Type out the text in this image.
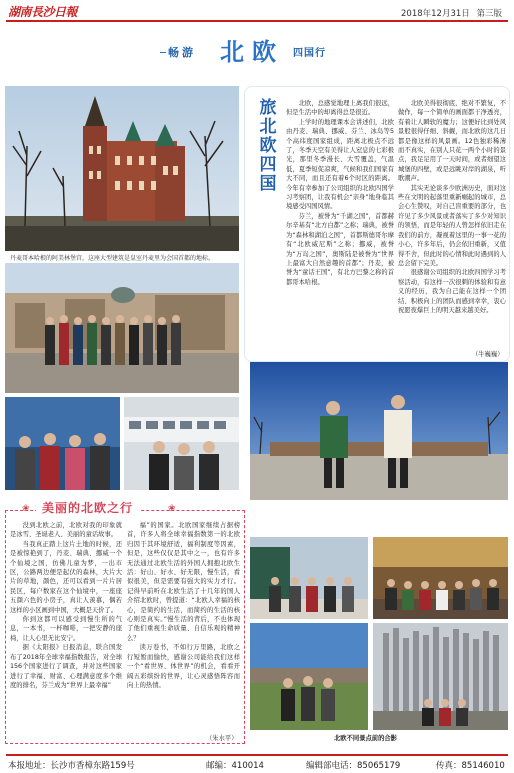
湖南長沙日報	2018年12月31日 第三版
畅游 北欧 四国行
丹麦哥本哈根的阿美林堡宫，这座大型建筑是皇室丹麦里为会国首都的地标。
旅
北
欧
四
国

北欧，总感觉地理上离我们很远，但是生活中的却离得总是很近。

上学时的地理课本会讲述们，北欧由丹麦、瑞典、挪威、芬兰、冰岛等5个高纬度国家组成，距离北极点不远了，冬季天空有美得让人窒息的七彩极光，那里冬季漫长、大雪覆盖，气温低，夏季短促凉爽，气候和我们国家有大不同，而且还有着6个时区的距离。今年有幸参加了公司组织的北欧四国学习考察团，让我有机会“亲身”地身临其境感受四国风情。

芬兰，被誉为“千湖之国”，首都赫尔辛基有“北方白都”之称；瑞典，被誉为“森林和湖泊之国”，首都斯德哥尔摩有“北欧威尼斯”之称；挪威，被誉为“万岛之国”，奥斯陆是被誉为“世界上最富大自然意趣的首都”；丹麦，被誉为“童话王国”，有北方巴黎之称的首都哥本哈根。

北欧美得很彻底，绝对不繁复，不做作，每一个简单的画面都干净透亮，有着让人瞬软的魔力；这便好比到处风景般很得仔细、斜觑，而北欧的这几日都是像这样的风景画。12色独彩稀薄而不真实，在别人只花一两个小时的景点，我足足用了一天时间，或者细望这城堡的四壁，或是远眺对岸的湖泉，听歌潮声。

其实无论谈多少欧洲历史，面对这些在文明的起落里重新崛起的城市，总会心生赞叹，对自己盲重要的部分，也许见了多少风景或者落实了多少对知识的领悟，而是年轻的人曾怎样依旧走在我们的前方，凝视着这里的一事一花的小心，许多年后，仍会依旧重新，又值得不舍，但此时的心情和此时遇到的人总会留下完美。

很感谢公司组织的北欧四国学习考察活动，有这样一次很刺的体验和有意义的经历，我为自己能在这样一个团结、积极向上的团队而感到幸幸，衷心祝愿夜爆巨上的明天越来越美好。

（牛巍巍）
❀	美丽的北欧之行	❀

没到北欧之前，北欧对我的印象就是冰雪、圣诞老人、美丽的童话故事。

当我真正踏上这片土地的时候，还是被惊艳到了，丹麦、瑞典、挪威一个个仙境之国，仿佛儿童为梦，一出市区，公路两边便是起伏的森林，大片大片的草地，颜色，还可以看到一片片居民区，每户数家在这个仙境中，一座座五颜六色的小房子，真让人羡慕，偶若这样的小区画到中国，大概是天价了。

你到这都可以感受到慢生所的气息，一本书，一杯咖啡，一把安静的座椅，让人心里无比安宁。

据《太阳报》日报消息，联合国发布了2018年全球幸福指数报告，对全球156个国家进行了调查，并对这些国家进行了幸福、财富、心理满意度多个维度的排名，芬兰成为“世界上最幸福”

福”的国家。北欧国家继续占据榜首，许多人将全球幸福指数第一的北欧归因于其环境舒适，福利制度等因素，但是，这些仅仅是其中之一，也有许多无法通过北欧生活的外国人拥抱北欧生活：好山、好水、好无限，慢生活，看似很美，但是需要有强大的实力才行。记得早前听在北欧生活了十几年的国人介绍北欧时，曾提道：“北欧人幸福的核心，是简约的生活，而简约的生活的核心则是真实。”慢生活的背后，不也体现了他们重视生命质量、自信乐观的精神么？

读万卷书，不如行万里路，北欧之行短暂而愉快，感谢公司能给我们这样一个“看世界、体世界”的机会，看看开阔五彩缤纷的世界，让心灵感悟阵容而向上的热情。

（朱水平）	北欧不同景点前的合影
本报地址：长沙市香樟东路159号	邮编：410014	编辑部电话：85065179	传真：85146010
